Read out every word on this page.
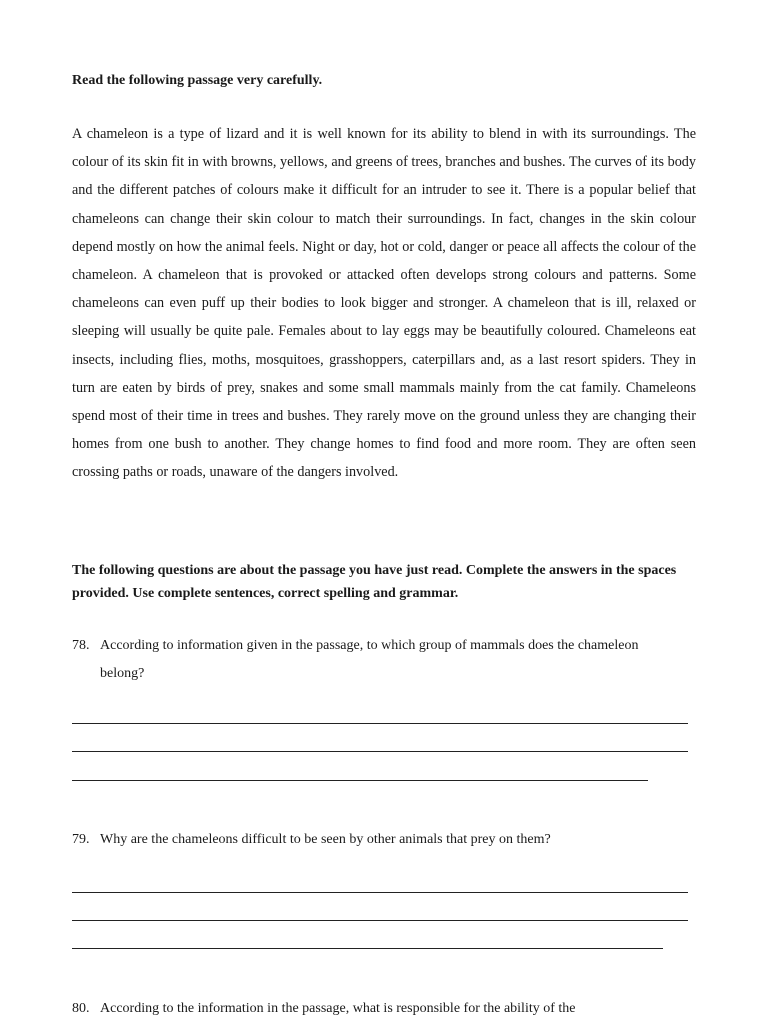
Read the following passage very carefully.

A chameleon is a type of lizard and it is well known for its ability to blend in with its surroundings. The colour of its skin fit in with browns, yellows, and greens of trees, branches and bushes. The curves of its body and the different patches of colours make it difficult for an intruder to see it. There is a popular belief that chameleons can change their skin colour to match their surroundings. In fact, changes in the skin colour depend mostly on how the animal feels. Night or day, hot or cold, danger or peace all affects the colour of the chameleon. A chameleon that is provoked or attacked often develops strong colours and patterns. Some chameleons can even puff up their bodies to look bigger and stronger. A chameleon that is ill, relaxed or sleeping will usually be quite pale. Females about to lay eggs may be beautifully coloured. Chameleons eat insects, including flies, moths, mosquitoes, grasshoppers, caterpillars and, as a last resort spiders. They in turn are eaten by birds of prey, snakes and some small mammals mainly from the cat family. Chameleons spend most of their time in trees and bushes. They rarely move on the ground unless they are changing their homes from one bush to another. They change homes to find food and more room. They are often seen crossing paths or roads, unaware of the dangers involved.

The following questions are about the passage you have just read. Complete the answers in the spaces provided. Use complete sentences, correct spelling and grammar.

78. According to information given in the passage, to which group of mammals does the chameleon belong?
79. Why are the chameleons difficult to be seen by other animals that prey on them?
80. According to the information in the passage, what is responsible for the ability of the
